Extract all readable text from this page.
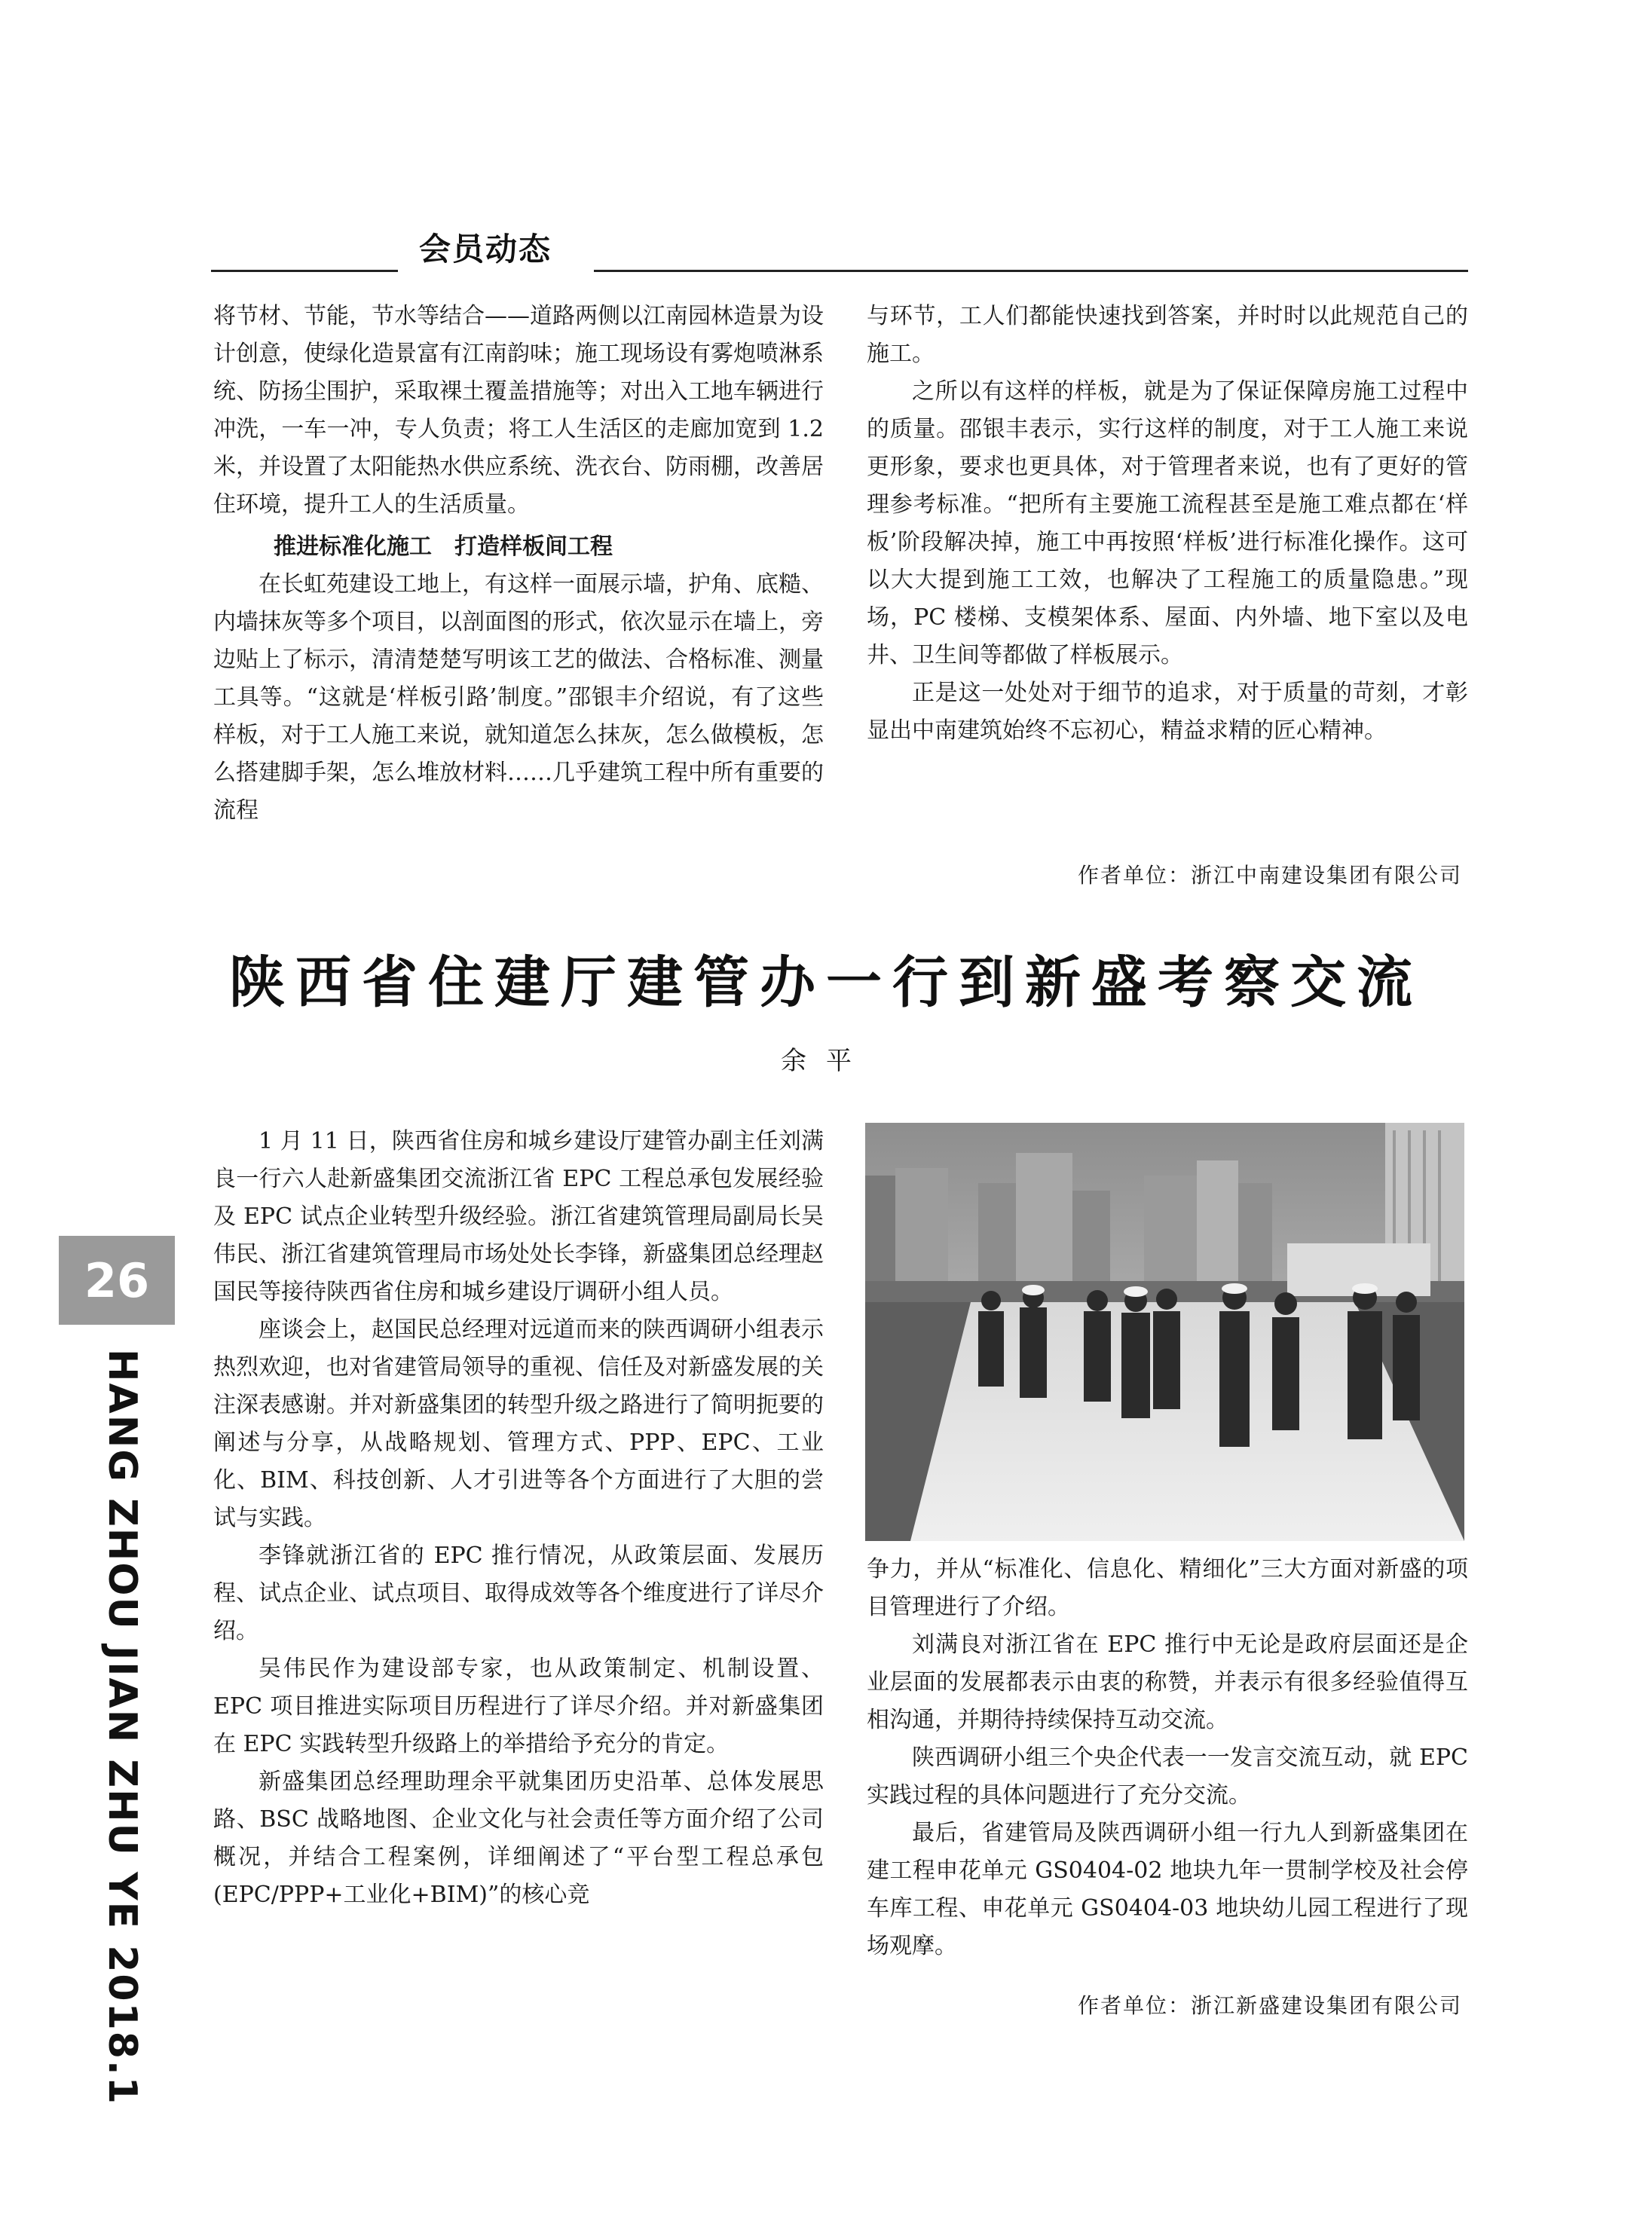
会员动态

将节材、节能，节水等结合——道路两侧以江南园林造景为设计创意，使绿化造景富有江南韵味；施工现场设有雾炮喷淋系统、防扬尘围护，采取裸土覆盖措施等；对出入工地车辆进行冲洗，一车一冲，专人负责；将工人生活区的走廊加宽到 1.2 米，并设置了太阳能热水供应系统、洗衣台、防雨棚，改善居住环境，提升工人的生活质量。

推进标准化施工　打造样板间工程

在长虹苑建设工地上，有这样一面展示墙，护角、底糙、内墙抹灰等多个项目，以剖面图的形式，依次显示在墙上，旁边贴上了标示，清清楚楚写明该工艺的做法、合格标准、测量工具等。“这就是‘样板引路’制度。”邵银丰介绍说，有了这些样板，对于工人施工来说，就知道怎么抹灰，怎么做模板，怎么搭建脚手架，怎么堆放材料……几乎建筑工程中所有重要的流程

与环节，工人们都能快速找到答案，并时时以此规范自己的施工。

之所以有这样的样板，就是为了保证保障房施工过程中的质量。邵银丰表示，实行这样的制度，对于工人施工来说更形象，要求也更具体，对于管理者来说，也有了更好的管理参考标准。“把所有主要施工流程甚至是施工难点都在‘样板’阶段解决掉，施工中再按照‘样板’进行标准化操作。这可以大大提到施工工效，也解决了工程施工的质量隐患。”现场，PC 楼梯、支模架体系、屋面、内外墙、地下室以及电井、卫生间等都做了样板展示。

正是这一处处对于细节的追求，对于质量的苛刻，才彰显出中南建筑始终不忘初心，精益求精的匠心精神。

作者单位：浙江中南建设集团有限公司
陕西省住建厅建管办一行到新盛考察交流
余平
26
HANG ZHOU JIAN ZHU YE 2018.1

1 月 11 日，陕西省住房和城乡建设厅建管办副主任刘满良一行六人赴新盛集团交流浙江省 EPC 工程总承包发展经验及 EPC 试点企业转型升级经验。浙江省建筑管理局副局长吴伟民、浙江省建筑管理局市场处处长李锋，新盛集团总经理赵国民等接待陕西省住房和城乡建设厅调研小组人员。

座谈会上，赵国民总经理对远道而来的陕西调研小组表示热烈欢迎，也对省建管局领导的重视、信任及对新盛发展的关注深表感谢。并对新盛集团的转型升级之路进行了简明扼要的阐述与分享，从战略规划、管理方式、PPP、EPC、工业化、BIM、科技创新、人才引进等各个方面进行了大胆的尝试与实践。

李锋就浙江省的 EPC 推行情况，从政策层面、发展历程、试点企业、试点项目、取得成效等各个维度进行了详尽介绍。

吴伟民作为建设部专家，也从政策制定、机制设置、EPC 项目推进实际项目历程进行了详尽介绍。并对新盛集团在 EPC 实践转型升级路上的举措给予充分的肯定。

新盛集团总经理助理余平就集团历史沿革、总体发展思路、BSC 战略地图、企业文化与社会责任等方面介绍了公司概况，并结合工程案例，详细阐述了“平台型工程总承包(EPC/PPP+工业化+BIM)”的核心竞

争力，并从“标准化、信息化、精细化”三大方面对新盛的项目管理进行了介绍。

刘满良对浙江省在 EPC 推行中无论是政府层面还是企业层面的发展都表示由衷的称赞，并表示有很多经验值得互相沟通，并期待持续保持互动交流。

陕西调研小组三个央企代表一一发言交流互动，就 EPC 实践过程的具体问题进行了充分交流。

最后，省建管局及陕西调研小组一行九人到新盛集团在建工程申花单元 GS0404-02 地块九年一贯制学校及社会停车库工程、申花单元 GS0404-03 地块幼儿园工程进行了现场观摩。

作者单位：浙江新盛建设集团有限公司
